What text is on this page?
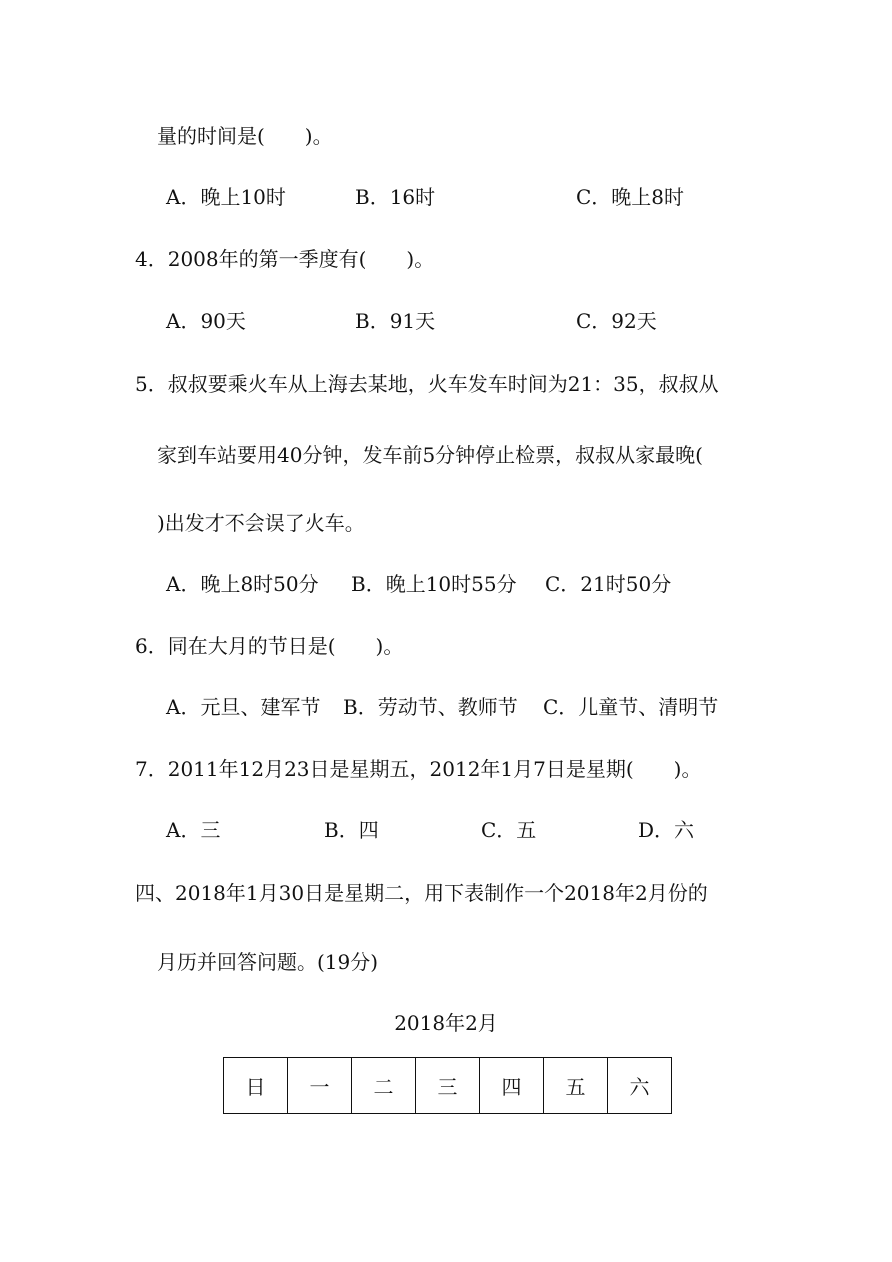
量的时间是(　　)。
A．晚上10时	B．16时	C．晚上8时
4．2008年的第一季度有(　　)。
A．90天	B．91天	C．92天
5．叔叔要乘火车从上海去某地，火车发车时间为21：35，叔叔从
家到车站要用40分钟，发车前5分钟停止检票，叔叔从家最晚(
)出发才不会误了火车。
A．晚上8时50分 B．晚上10时55分 C．21时50分
6．同在大月的节日是(　　)。
A．元旦、建军节 B．劳动节、教师节 C．儿童节、清明节
7．2011年12月23日是星期五，2012年1月7日是星期(　　)。
A．三	B．四	C．五	D．六
四、2018年1月30日是星期二，用下表制作一个2018年2月份的
月历并回答问题。(19分)
2018年2月
日	一	二	三	四	五	六
